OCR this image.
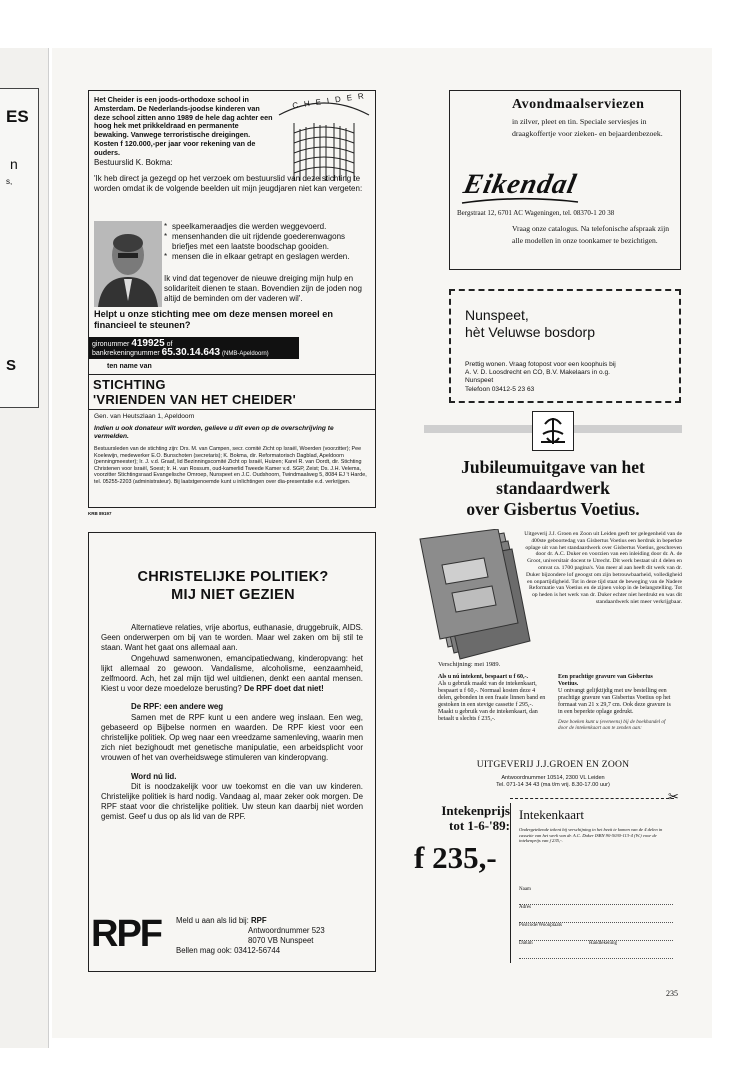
ES
n
s,
S

Het Cheider is een joods-orthodoxe school in Amsterdam. De Nederlands-joodse kinderen van deze school zitten anno 1989 de hele dag achter een hoog hek met prikkeldraad en permanente bewaking. Vanwege terroristische dreigingen. Kosten f 120.000,-per jaar voor rekening van de ouders.

CHEIDER

Bestuurslid K. Bokma:

'Ik heb direct ja gezegd op het verzoek om bestuurslid van deze stichting te worden omdat ik de volgende beelden uit mijn jeugdjaren niet kan vergeten:

* speelkameraadjes die werden weggevoerd.
* mensenhanden die uit rijdende goederenwagons briefjes met een laatste boodschap gooiden.
* mensen die in elkaar getrapt en geslagen werden.

Ik vind dat tegenover de nieuwe dreiging mijn hulp en solidariteit dienen te staan. Bovendien zijn de joden nog altijd de beminden om der vaderen wil'.

Helpt u onze stichting mee om deze mensen moreel en financieel te steunen?

gironummer 419925 of
bankrekeningnummer 65.30.14.643 (NMB-Apeldoorn)

ten name van

STICHTING

'VRIENDEN VAN HET CHEIDER'

Gen. van Heutszlaan 1, Apeldoorn

Indien u ook donateur wilt worden, gelieve u dit even op de overschrijving te vermelden.

Bestuursleden van de stichting zijn: Drs. M. van Campen, secr. comité Zicht op Israël, Woerden (voorzitter); Pee Koelewijn, medewerker E.O. Bunschoten (secretaris); K. Bokma, dir. Reformatorisch Dagblad, Apeldoorn (penningmeester); Ir. J. v.d. Graaf, lid Bezinningscomité Zicht op Israël, Huizen; Karel R. van Oordt, dir. Stichting Christenen voor Israël, Soest; Ir. H. van Rossum, oud-kamerlid Tweede Kamer v.d. SGP, Zeist; Ds. J.H. Velema, voorzitter Stichtingsraad Evangelische Omroep, Nunspeet en J.C. Oudshoorn, Twindmaalweg 5, 8084 EJ 't Harde, tel. 05255-2203 (administrateur). Bij laatstgenoemde kunt u inlichtingen over dia-presentatie e.d. verkrijgen.

KRB 89197

Avondmaalserviezen

in zilver, pleet en tin. Speciale serviesjes in draagkoffertje voor zieken- en bejaardenbezoek.

Eikendal

Bergstraat 12, 6701 AC Wageningen, tel. 08370-1 20 38

Vraag onze catalogus. Na telefonische afspraak zijn alle modellen in onze toonkamer te bezichtigen.

Nunspeet,

hèt Veluwse bosdorp

Prettig wonen. Vraag fotopost voor een koophuis bij
A. V. D. Loosdrecht en CO, B.V. Makelaars in o.g.
Nunspeet
Telefoon 03412-5 23 63

CHRISTELIJKE POLITIEK?

MIJ NIET GEZIEN

Alternatieve relaties, vrije abortus, euthanasie, druggebruik, AIDS. Geen onderwerpen om bij van te worden. Maar wel zaken om bij stil te staan. Want het gaat ons allemaal aan.

Ongehuwd samenwonen, emancipatiedwang, kinderopvang: het lijkt allemaal zo gewoon. Vandalisme, alcoholisme, eenzaamheid, zelfmoord. Ach, het zal mijn tijd wel uitdienen, denkt een aantal mensen. Kiest u voor deze moedeloze berusting? De RPF doet dat niet!

De RPF: een andere weg

Samen met de RPF kunt u een andere weg inslaan. Een weg, gebaseerd op Bijbelse normen en waarden. De RPF kiest voor een christelijke politiek. Op weg naar een vreedzame samenleving, waarin men zich niet bezighoudt met genetische manipulatie, een arbeidsplicht voor vrouwen of het van overheidswege stimuleren van kinderopvang.

Word nú lid.

Dit is noodzakelijk voor uw toekomst en die van uw kinderen. Christelijke politiek is hard nodig. Vandaag al, maar zeker ook morgen. De RPF staat voor die christelijke politiek. Uw steun kan daarbij niet worden gemist. Geef u dus op als lid van de RPF.

RPF Meld u aan als lid bij: RPF
Antwoordnummer 523
8070 VB Nunspeet
Bellen mag ook: 03412-56744

Jubileumuitgave van het

standaardwerk

over Gisbertus Voetius.

Uitgeverij J.J. Groen en Zoon uit Leiden geeft ter gelegenheid van de 400ste geboortedag van Gisbertus Voetius een herdruk in beperkte oplage uit van het standaardwerk over Gisbertus Voetius, geschreven door dr. A.C. Duker en voorzien van een inleiding door dr. A. de Groot, universitair docent te Utrecht. Dit werk bestaat uit 4 delen en omvat ca. 1700 pagina's. Van meer al aan heeft dit werk van dr. Duker bijzondere lof geoogst om zijn betrouwbaarheid, volledigheid en onpartijdigheid. Tot in deze tijd staat de beweging van de Nadere Reformatie van Voetius en de zijnen volop in de belangstelling. Tot op heden is het werk van dr. Duker echter niet herdrukt en was dit standaardwerk niet meer verkrijgbaar.

Verschijning: mei 1989.

Als u nú intekent, bespaart u f 60,-.

Als u gebruik maakt van de intekenkaart, bespaart u f 60,-. Normaal kosten deze 4 delen, gebonden in een fraaie linnen band en gestoken in een stevige cassette f 295,-. Maakt u gebruik van de intekenkaart, dan betaalt u slechts f 235,-.

Een prachtige gravure van Gisbertus Voetius.

U ontvangt gelijktijdig met uw bestelling een prachtige gravure van Gisbertus Voetius op het formaat van 21 x 29,7 cm. Ook deze gravure is in een beperkte oplage gedrukt.

Deze boeken kunt u (eveneens) bij de boekhandel of door de intekenkaart aan te zenden aan:

UITGEVERIJ J.J.GROEN EN ZOON

Antwoordnummer 10514, 2300 VL Leiden

Tel. 071-14 34 43 (ma t/m vrij. 8.30-17.00 uur)

✂

Intekenprijs

tot 1-6-'89:

f 235,-

Intekenkaart

Ondergetekende tekent bij verschijning in het bezit te komen van de 4 delen in cassette van het werk van dr. A.C. Duker ISBN 90-5030-113-4 (W.) voor de intekenprijs van f 235,-.

Naam
Adres
Postcode/Woonplaats
Datum	Handtekening

235
